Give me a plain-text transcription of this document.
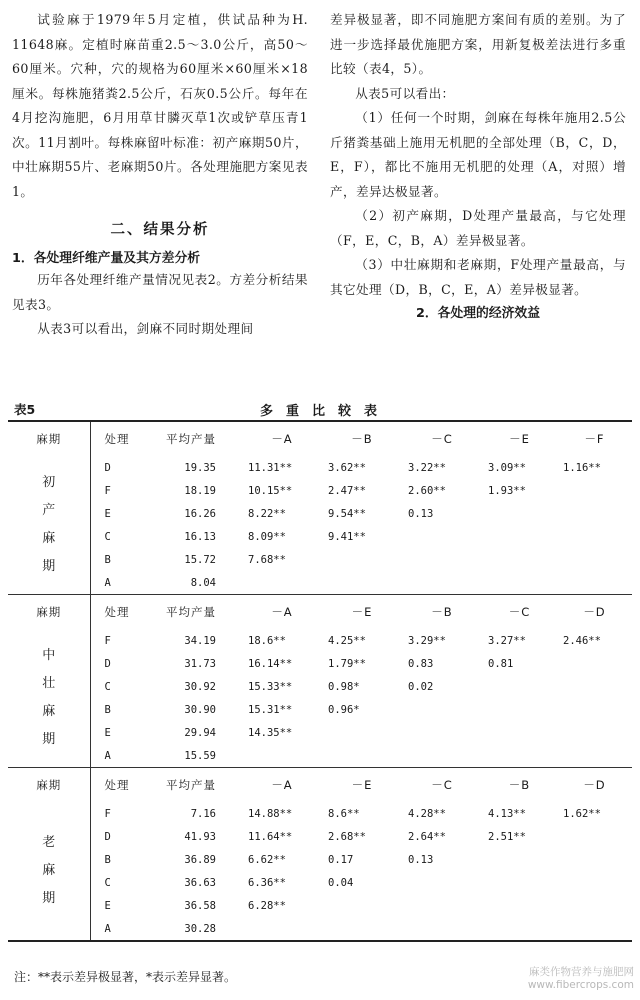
试验麻于1979年5月定植，供试品种为H. 11648麻。定植时麻苗重2.5～3.0公斤，高50～60厘米。穴种，穴的规格为60厘米×60厘米×18厘米。每株施猪粪2.5公斤，石灰0.5公斤。每年在4月挖沟施肥，6月用草甘膦灭草1次或铲草压青1次。11月割叶。每株麻留叶标准：初产麻期50片，中壮麻期55片、老麻期50片。各处理施肥方案见表1。

二、结果分析
1．各处理纤维产量及其方差分析

历年各处理纤维产量情况见表2。方差分析结果见表3。

从表3可以看出，剑麻不同时期处理间

差异极显著，即不同施肥方案间有质的差别。为了进一步选择最优施肥方案，用新复极差法进行多重比较（表4，5）。

从表5可以看出：

（1）任何一个时期，剑麻在每株年施用2.5公斤猪粪基础上施用无机肥的全部处理（B，C，D，E，F），都比不施用无机肥的处理（A，对照）增产，差异达极显著。

（2）初产麻期，D处理产量最高，与它处理（F，E，C，B，A）差异极显著。

（3）中壮麻期和老麻期，F处理产量最高，与其它处理（D，B，C，E，A）差异极显著。

2．各处理的经济效益
表5	多重比较表
麻期	处理	平均产量	－A	－B	－C	－E	－F
初产麻期	D	19.35	11.31**	3.62**	3.22**	3.09**	1.16**
	F	18.19	10.15**	2.47**	2.60**	1.93**	
	E	16.26	8.22**	9.54**	0.13		
	C	16.13	8.09**	9.41**			
	B	15.72	7.68**				
	A	8.04					
麻期	处理	平均产量	－A	－E	－B	－C	－D
中壮麻期	F	34.19	18.6**	4.25**	3.29**	3.27**	2.46**
	D	31.73	16.14**	1.79**	0.83	0.81	
	C	30.92	15.33**	0.98*	0.02		
	B	30.90	15.31**	0.96*			
	E	29.94	14.35**				
	A	15.59					
麻期	处理	平均产量	－A	－E	－C	－B	－D
老麻期	F	7.16	14.88**	8.6**	4.28**	4.13**	1.62**
	D	41.93	11.64**	2.68**	2.64**	2.51**	
	B	36.89	6.62**	0.17	0.13		
	C	36.63	6.36**	0.04			
	E	36.58	6.28**				
	A	30.28					
注：**表示差异极显著，*表示差异显著。	麻类作物营养与施肥网
www.fibercrops.com
